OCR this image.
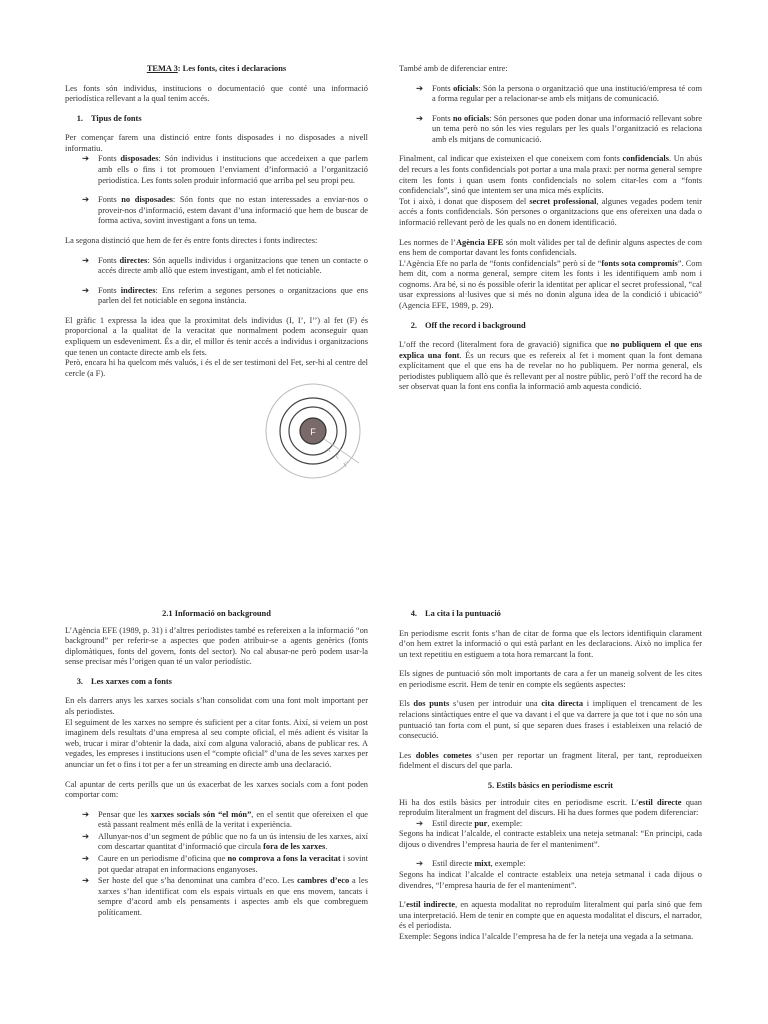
TEMA 3: Les fonts, cites i declaracions

Les fonts són individus, institucions o documentació que conté una informació periodística rellevant a la qual tenim accés.

1. Tipus de fonts

Per començar farem una distinció entre fonts disposades i no disposades a nivell informatiu.

➔ Fonts disposades: Són individus i institucions que accedeixen a que parlem amb ells o fins i tot promouen l’enviament d’informació a l’organització periodística. Les fonts solen produir informació que arriba pel seu propi peu.
➔ Fonts no disposades: Són fonts que no estan interessades a enviar-nos o proveir-nos d’informació, estem davant d’una informació que hem de buscar de forma activa, sovint investigant a fons un tema.

La segona distinció que hem de fer és entre fonts directes i fonts indirectes:

➔ Fonts directes: Són aquells individus i organitzacions que tenen un contacte o accés directe amb allò que estem investigant, amb el fet noticiable.
➔ Fonts indirectes: Ens referim a segones persones o organitzacions que ens parlen del fet noticiable en segona instància.

El gràfic 1 expressa la idea que la proximitat dels individus (I, I’, I’’) al fet (F) és proporcional a la qualitat de la veracitat que normalment podem aconseguir quan expliquem un esdeveniment. És a dir, el millor és tenir accés a individus i organitzacions que tenen un contacte directe amb els fets.

Però, encara hi ha quelcom més valuós, i és el de ser testimoni del Fet, ser-hi al centre del cercle (a F).

F
I
I’
I’’

També amb de diferenciar entre:

➔ Fonts oficials: Són la persona o organització que una institució/empresa té com a forma regular per a relacionar-se amb els mitjans de comunicació.
➔ Fonts no oficials: Són persones que poden donar una informació rellevant sobre un tema però no són les vies regulars per les quals l’organització es relaciona amb els mitjans de comunicació.

Finalment, cal indicar que existeixen el que coneixem com fonts confidencials. Un abús del recurs a les fonts confidencials pot portar a una mala praxi: per norma general sempre citem les fonts i quan usem fonts confidencials no solem citar-les com a “fonts confidencials”, sinó que intentem ser una mica més explícits.

Tot i això, i donat que disposem del secret professional, algunes vegades podem tenir accés a fonts confidencials. Són persones o organitzacions que ens ofereixen una dada o informació rellevant però de les quals no en donem identificació.

Les normes de l’Agència EFE són molt vàlides per tal de definir alguns aspectes de com ens hem de comportar davant les fonts confidencials.

L’Agència Efe no parla de “fonts confidencials” però sí de “fonts sota compromís”. Com hem dit, com a norma general, sempre citem les fonts i les identifiquem amb nom i cognoms. Ara bé, si no és possible oferir la identitat per aplicar el secret professional, “cal usar expressions al·lusives que si més no donin alguna idea de la condició i ubicació” (Agencia EFE, 1989, p. 29).

2. Off the record i background

L’off the record (literalment fora de gravació) significa que no publiquem el que ens explica una font. És un recurs que es refereix al fet i moment quan la font demana explícitament que el que ens ha de revelar no ho publiquem. Per norma general, els periodistes publiquem allò que és rellevant per al nostre públic, però l’off the record ha de ser observat quan la font ens confia la informació amb aquesta condició.

2.1 Informació on background

L’Agència EFE (1989, p. 31) i d’altres periodistes també es refereixen a la informació “on background” per referir-se a aspectes que poden atribuir-se a agents genèrics (fonts diplomàtiques, fonts del govern, fonts del sector). No cal abusar-ne però podem usar-la sense precisar més l’origen quan té un valor periodístic.

3. Les xarxes com a fonts

En els darrers anys les xarxes socials s’han consolidat com una font molt important per als periodistes.

El seguiment de les xarxes no sempre és suficient per a citar fonts. Així, si veiem un post imaginem dels resultats d’una empresa al seu compte oficial, el més adient és visitar la web, trucar i mirar d’obtenir la dada, així com alguna valoració, abans de publicar res. A vegades, les empreses i institucions usen el “compte oficial” d’una de les seves xarxes per anunciar un fet o fins i tot per a fer un streaming en directe amb una declaració.

Cal apuntar de certs perills que un ús exacerbat de les xarxes socials com a font poden comportar com:

➔ Pensar que les xarxes socials són “el món”, en el sentit que ofereixen el que està passant realment més enllà de la veritat i experiència.
➔ Allunyar-nos d’un segment de públic que no fa un ús intensiu de les xarxes, així com descartar quantitat d’informació que circula fora de les xarxes.
➔ Caure en un periodisme d’oficina que no comprova a fons la veracitat i sovint pot quedar atrapat en informacions enganyoses.
➔ Ser hoste del que s’ha denominat una cambra d’eco. Les cambres d’eco a les xarxes s’han identificat com els espais virtuals en que ens movem, tancats i sempre d’acord amb els pensaments i aspectes amb els que combreguem políticament.
4. La cita i la puntuació

En periodisme escrit fonts s’han de citar de forma que els lectors identifiquin clarament d’on hem extret la informació o qui està parlant en les declaracions. Això no implica fer un text repetitiu en estiguem a tota hora remarcant la font.

Els signes de puntuació són molt importants de cara a fer un maneig solvent de les cites en periodisme escrit. Hem de tenir en compte els següents aspectes:

Els dos punts s’usen per introduir una cita directa i impliquen el trencament de les relacions sintàctiques entre el que va davant i el que va darrere ja que tot i que no són una puntuació tan forta com el punt, sí que separen dues frases i estableixen una relació de consecució.

Les dobles cometes s’usen per reportar un fragment literal, per tant, reprodueixen fidelment el discurs del que parla.

5. Estils bàsics en periodisme escrit

Hi ha dos estils bàsics per introduir cites en periodisme escrit. L’estil directe quan reproduïm literalment un fragment del discurs. Hi ha dues formes que podem diferenciar:

➔ Estil directe pur, exemple:

Segons ha indicat l’alcalde, el contracte estableix una neteja setmanal: “En principi, cada dijous o divendres l’empresa hauria de fer el manteniment”.

➔ Estil directe mixt, exemple:

Segons ha indicat l’alcalde el contracte estableix una neteja setmanal i cada dijous o divendres, “l’empresa hauria de fer el manteniment”.

L’estil indirecte, en aquesta modalitat no reproduïm literalment qui parla sinó que fem una interpretació. Hem de tenir en compte que en aquesta modalitat el discurs, el narrador, és el periodista.

Exemple: Segons indica l’alcalde l’empresa ha de fer la neteja una vegada a la setmana.
